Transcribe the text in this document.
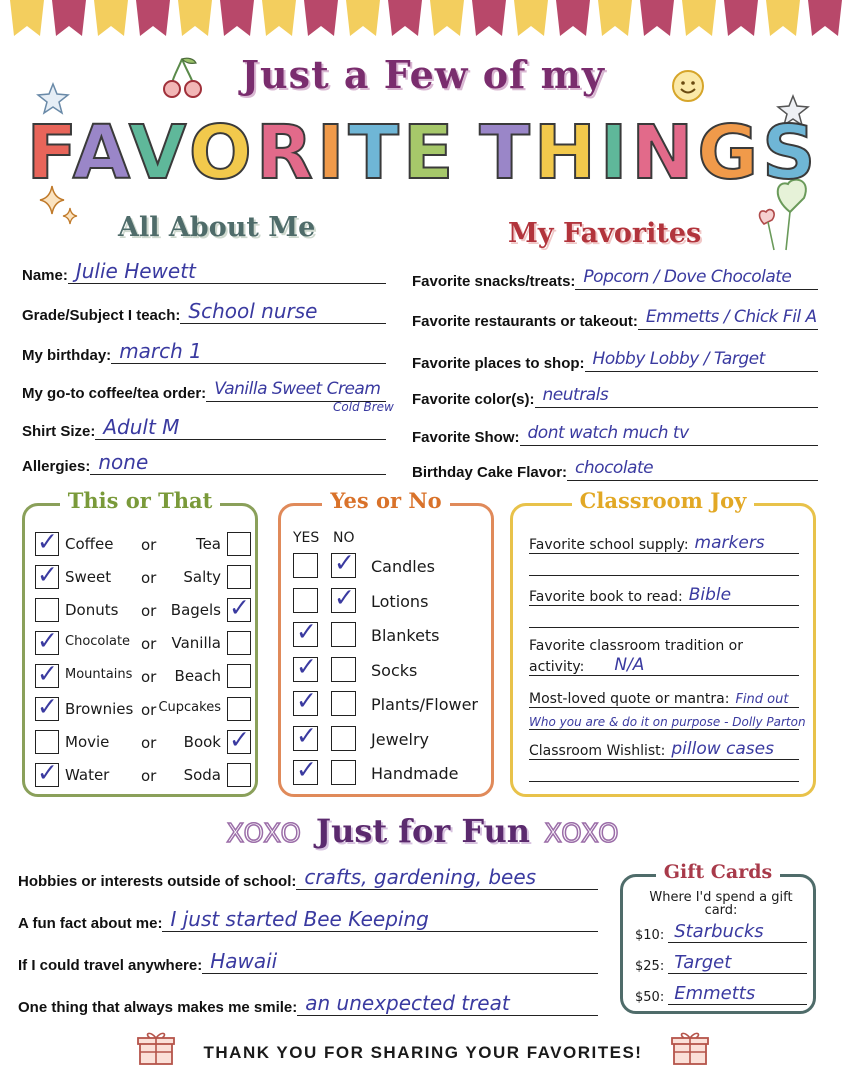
Just a Few of my
FAVORITE THINGS
All About Me
Name: Julie Hewett
Grade/Subject I teach: School nurse
My birthday: march 1
My go-to coffee/tea order: Vanilla Sweet Cream
Shirt Size: Adult M
Allergies: none
Cold Brew
My Favorites
Favorite snacks/treats: Popcorn / Dove Chocolate
Favorite restaurants or takeout: Emmetts / Chick Fil A
Favorite places to shop: Hobby Lobby / Target
Favorite color(s): neutrals
Favorite Show: dont watch much tv
Birthday Cake Flavor: chocolate
This or That
✓
Coffee or	Tea
✓
Sweet or Salty
Donuts or Bagels
✓
✓
Chocolate or Vanilla
✓
Mountains or Beach
✓
Brownies or Cupcakes
Movie or Book
✓
✓
Water or Soda
Yes or No
YES NO
✓
Candles
✓
Lotions
✓
Blankets
✓
Socks
✓
Plants/Flower
✓
Jewelry
✓
Handmade
Classroom Joy
Favorite school supply: markers
Favorite book to read: Bible
Favorite classroom tradition or
activity:	N/A
Most-loved quote or mantra: Find out
Who you are & do it on purpose - Dolly Parton
Classroom Wishlist: pillow cases
XOXO Just for Fun XOXO
Hobbies or interests outside of school: crafts, gardening, bees
A fun fact about me: I just started Bee Keeping
If I could travel anywhere: Hawaii
One thing that always makes me smile: an unexpected treat
Gift Cards
Where I'd spend a gift card:
$10: Starbucks
$25: Target
$50: Emmetts
THANK YOU FOR SHARING YOUR FAVORITES!
